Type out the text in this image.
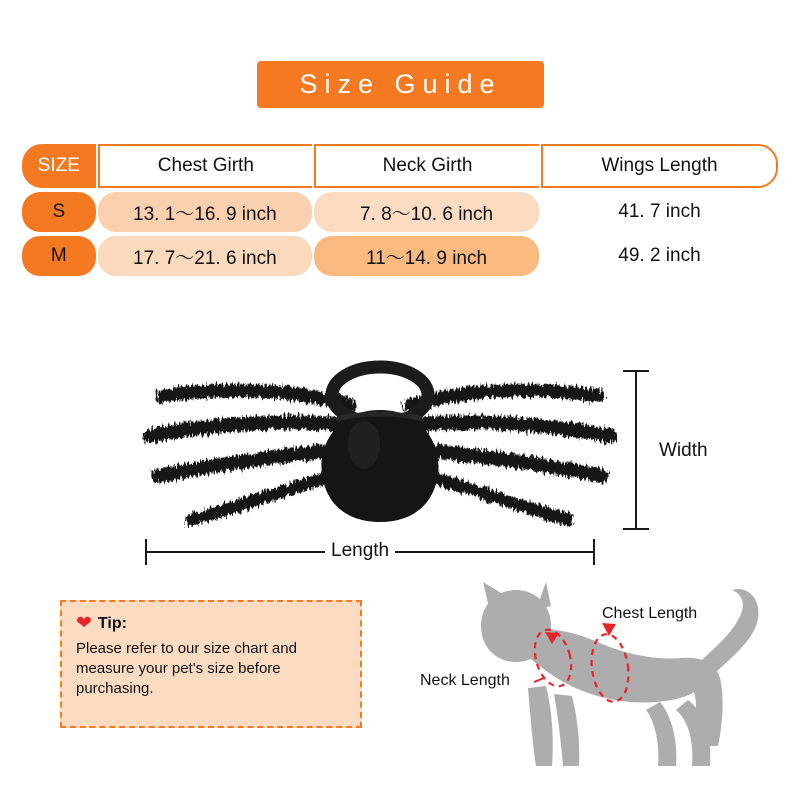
Size Guide
SIZE	Chest Girth	Neck Girth	Wings Length
S	13. 1～16. 9 inch	7. 8～10. 6 inch	41. 7 inch
M	17. 7～21. 6 inch	11～14. 9 inch	49. 2 inch
Width
Length
❤ Tip:
Please refer to our size chart and measure your pet's size before purchasing.	Neck Length
Chest Length
